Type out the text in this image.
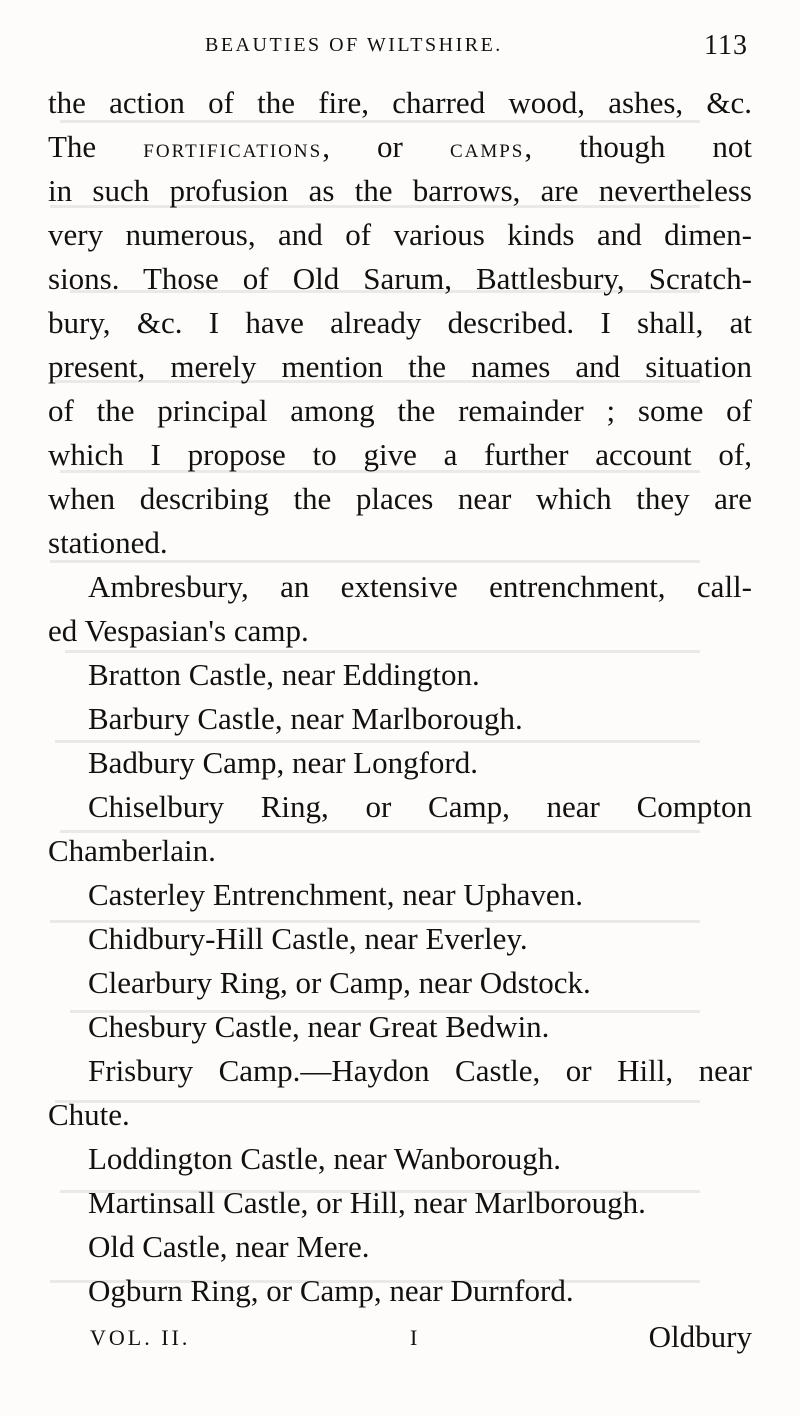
BEAUTIES OF WILTSHIRE.	113
the action of the fire, charred wood, ashes, &c.
The fortifications, or camps, though not
in such profusion as the barrows, are nevertheless
very numerous, and of various kinds and dimen-
sions. Those of Old Sarum, Battlesbury, Scratch-
bury, &c. I have already described. I shall, at
present, merely mention the names and situation
of the principal among the remainder ; some of
which I propose to give a further account of,
when describing the places near which they are
stationed.
Ambresbury, an extensive entrenchment, call-
ed Vespasian's camp.
Bratton Castle, near Eddington.
Barbury Castle, near Marlborough.
Badbury Camp, near Longford.
Chiselbury Ring, or Camp, near Compton
Chamberlain.
Casterley Entrenchment, near Uphaven.
Chidbury-Hill Castle, near Everley.
Clearbury Ring, or Camp, near Odstock.
Chesbury Castle, near Great Bedwin.
Frisbury Camp.—Haydon Castle, or Hill, near
Chute.
Loddington Castle, near Wanborough.
Martinsall Castle, or Hill, near Marlborough.
Old Castle, near Mere.
Ogburn Ring, or Camp, near Durnford.
VOL. II.	I	Oldbury
